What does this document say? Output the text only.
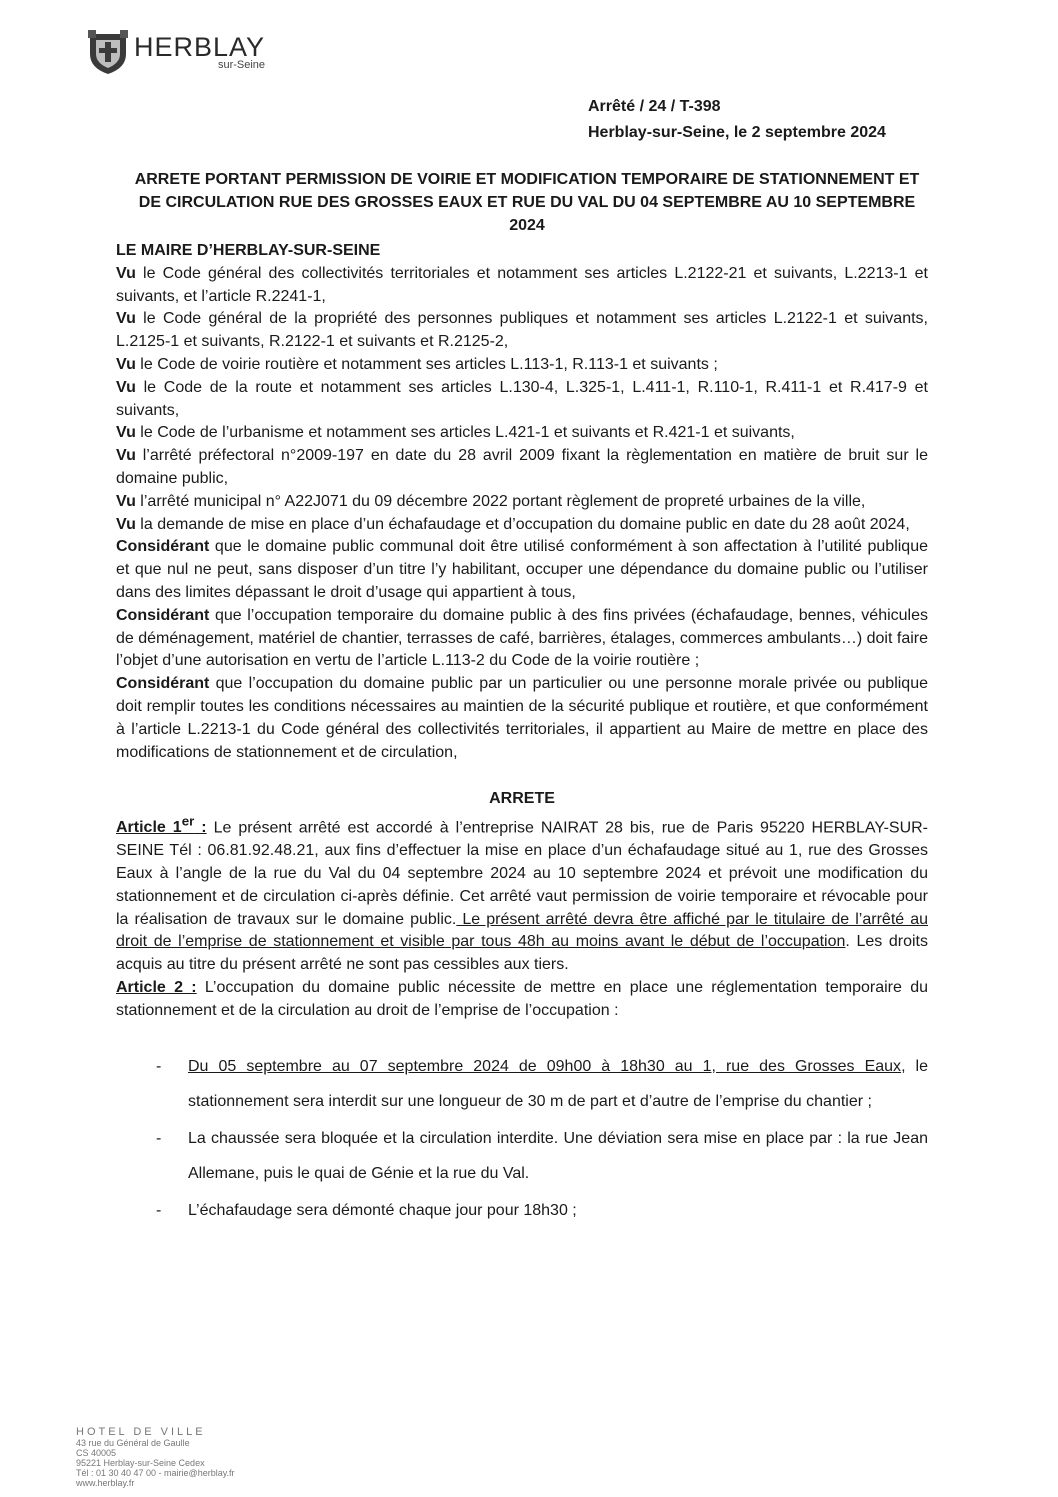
HERBLAY
sur-Seine
Arrêté / 24 / T-398
Herblay-sur-Seine, le 2 septembre 2024
ARRETE PORTANT PERMISSION DE VOIRIE ET MODIFICATION TEMPORAIRE DE STATIONNEMENT ET DE CIRCULATION RUE DES GROSSES EAUX ET RUE DU VAL DU 04 SEPTEMBRE AU 10 SEPTEMBRE 2024

LE MAIRE D’HERBLAY-SUR-SEINE

Vu le Code général des collectivités territoriales et notamment ses articles L.2122-21 et suivants, L.2213-1 et suivants, et l’article R.2241-1,

Vu le Code général de la propriété des personnes publiques et notamment ses articles L.2122-1 et suivants, L.2125-1 et suivants, R.2122-1 et suivants et R.2125-2,

Vu le Code de voirie routière et notamment ses articles L.113-1, R.113-1 et suivants ;

Vu le Code de la route et notamment ses articles L.130-4, L.325-1, L.411-1, R.110-1, R.411-1 et R.417-9 et suivants,

Vu le Code de l’urbanisme et notamment ses articles L.421-1 et suivants et R.421-1 et suivants,

Vu l’arrêté préfectoral n°2009-197 en date du 28 avril 2009 fixant la règlementation en matière de bruit sur le domaine public,

Vu l’arrêté municipal n° A22J071 du 09 décembre 2022 portant règlement de propreté urbaines de la ville,

Vu la demande de mise en place d’un échafaudage et d’occupation du domaine public en date du 28 août 2024,

Considérant que le domaine public communal doit être utilisé conformément à son affectation à l’utilité publique et que nul ne peut, sans disposer d’un titre l’y habilitant, occuper une dépendance du domaine public ou l’utiliser dans des limites dépassant le droit d’usage qui appartient à tous,

Considérant que l’occupation temporaire du domaine public à des fins privées (échafaudage, bennes, véhicules de déménagement, matériel de chantier, terrasses de café, barrières, étalages, commerces ambulants…) doit faire l’objet d’une autorisation en vertu de l’article L.113-2 du Code de la voirie routière ;

Considérant que l’occupation du domaine public par un particulier ou une personne morale privée ou publique doit remplir toutes les conditions nécessaires au maintien de la sécurité publique et routière, et que conformément à l’article L.2213-1 du Code général des collectivités territoriales, il appartient au Maire de mettre en place des modifications de stationnement et de circulation,

ARRETE

Article 1er : Le présent arrêté est accordé à l’entreprise NAIRAT 28 bis, rue de Paris 95220 HERBLAY-SUR-SEINE Tél : 06.81.92.48.21, aux fins d’effectuer la mise en place d’un échafaudage situé au 1, rue des Grosses Eaux à l’angle de la rue du Val du 04 septembre 2024 au 10 septembre 2024 et prévoit une modification du stationnement et de circulation ci-après définie. Cet arrêté vaut permission de voirie temporaire et révocable pour la réalisation de travaux sur le domaine public. Le présent arrêté devra être affiché par le titulaire de l’arrêté au droit de l’emprise de stationnement et visible par tous 48h au moins avant le début de l’occupation. Les droits acquis au titre du présent arrêté ne sont pas cessibles aux tiers.

Article 2 : L’occupation du domaine public nécessite de mettre en place une réglementation temporaire du stationnement et de la circulation au droit de l’emprise de l’occupation :

- Du 05 septembre au 07 septembre 2024 de 09h00 à 18h30 au 1, rue des Grosses Eaux, le stationnement sera interdit sur une longueur de 30 m de part et d’autre de l’emprise du chantier ;
- La chaussée sera bloquée et la circulation interdite. Une déviation sera mise en place par : la rue Jean Allemane, puis le quai de Génie et la rue du Val.
- L’échafaudage sera démonté chaque jour pour 18h30 ;
HOTEL DE VILLE
43 rue du Général de Gaulle
CS 40005
95221 Herblay-sur-Seine Cedex
Tél : 01 30 40 47 00 - mairie@herblay.fr
www.herblay.fr
